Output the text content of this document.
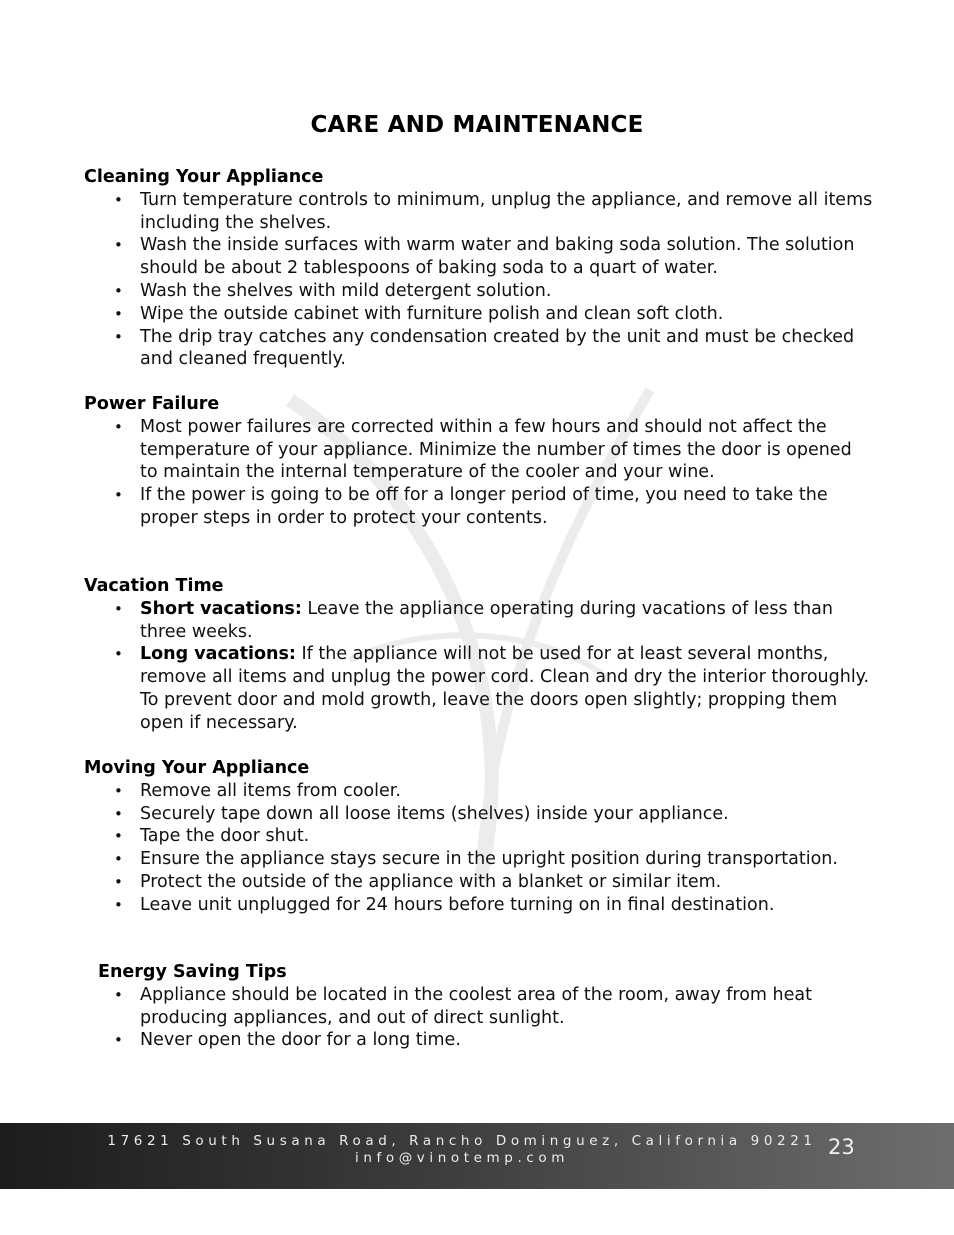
CARE AND MAINTENANCE
Cleaning Your Appliance
• Turn temperature controls to minimum, unplug the appliance, and remove all items including the shelves.
• Wash the inside surfaces with warm water and baking soda solution. The solution should be about 2 tablespoons of baking soda to a quart of water.
• Wash the shelves with mild detergent solution.
• Wipe the outside cabinet with furniture polish and clean soft cloth.
• The drip tray catches any condensation created by the unit and must be checked and cleaned frequently.
Power Failure
• Most power failures are corrected within a few hours and should not affect the temperature of your appliance. Minimize the number of times the door is opened to maintain the internal temperature of the cooler and your wine.
• If the power is going to be off for a longer period of time, you need to take the proper steps in order to protect your contents.
Vacation Time
• Short vacations: Leave the appliance operating during vacations of less than three weeks.
• Long vacations: If the appliance will not be used for at least several months, remove all items and unplug the power cord. Clean and dry the interior thoroughly. To prevent door and mold growth, leave the doors open slightly; propping them open if necessary.
Moving Your Appliance
• Remove all items from cooler.
• Securely tape down all loose items (shelves) inside your appliance.
• Tape the door shut.
• Ensure the appliance stays secure in the upright position during transportation.
• Protect the outside of the appliance with a blanket or similar item.
• Leave unit unplugged for 24 hours before turning on in final destination.
Energy Saving Tips
• Appliance should be located in the coolest area of the room, away from heat producing appliances, and out of direct sunlight.
• Never open the door for a long time.
17621 South Susana Road, Rancho Dominguez, California 90221
info@vinotemp.com	23
